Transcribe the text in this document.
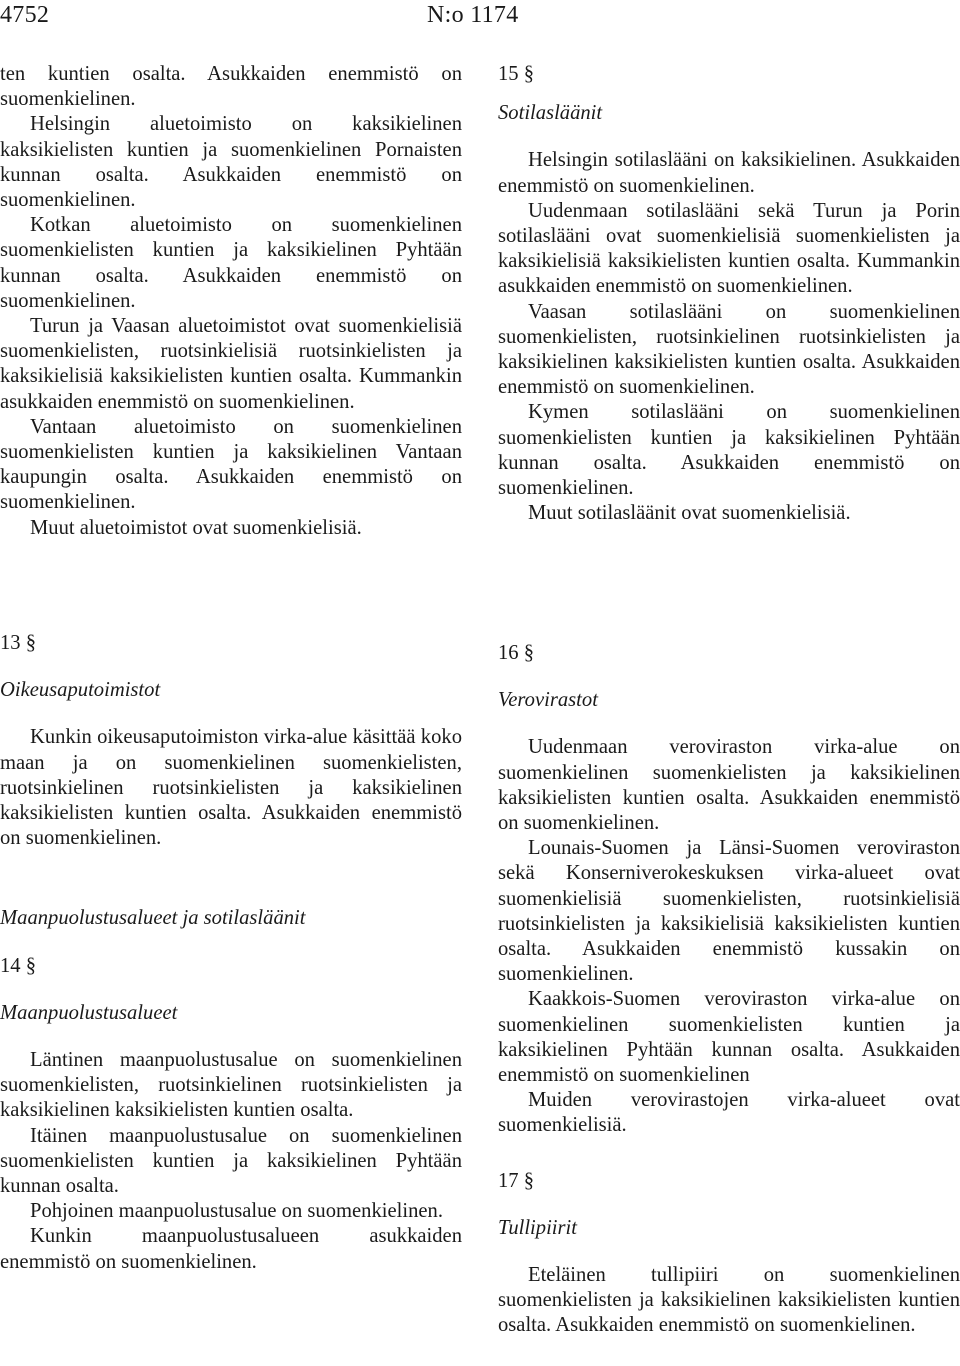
4752	N:o 1174

ten kuntien osalta. Asukkaiden enemmistö on suomenkielinen.

Helsingin aluetoimisto on kaksikielinen kaksikielisten kuntien ja suomenkielinen Pornaisten kunnan osalta. Asukkaiden enemmistö on suomenkielinen.

Kotkan aluetoimisto on suomenkielinen suomenkielisten kuntien ja kaksikielinen Pyhtään kunnan osalta. Asukkaiden enemmistö on suomenkielinen.

Turun ja Vaasan aluetoimistot ovat suomenkielisiä suomenkielisten, ruotsinkielisiä ruotsinkielisten ja kaksikielisiä kaksikielisten kuntien osalta. Kummankin asukkaiden enemmistö on suomenkielinen.

Vantaan aluetoimisto on suomenkielinen suomenkielisten kuntien ja kaksikielinen Vantaan kaupungin osalta. Asukkaiden enemmistö on suomenkielinen.

Muut aluetoimistot ovat suomenkielisiä.

15 §

Sotilasläänit

Helsingin sotilaslääni on kaksikielinen. Asukkaiden enemmistö on suomenkielinen.

Uudenmaan sotilaslääni sekä Turun ja Porin sotilaslääni ovat suomenkielisiä suomenkielisten ja kaksikielisiä kaksikielisten kuntien osalta. Kummankin asukkaiden enemmistö on suomenkielinen.

Vaasan sotilaslääni on suomenkielinen suomenkielisten, ruotsinkielinen ruotsinkielisten ja kaksikielinen kaksikielisten kuntien osalta. Asukkaiden enemmistö on suomenkielinen.

Kymen sotilaslääni on suomenkielinen suomenkielisten kuntien ja kaksikielinen Pyhtään kunnan osalta. Asukkaiden enemmistö on suomenkielinen.

Muut sotilasläänit ovat suomenkielisiä.

13 §

Oikeusaputoimistot

Kunkin oikeusaputoimiston virka-alue käsittää koko maan ja on suomenkielinen suomenkielisten, ruotsinkielinen ruotsinkielisten ja kaksikielinen kaksikielisten kuntien osalta. Asukkaiden enemmistö on suomenkielinen.

Maanpuolustusalueet ja sotilasläänit

14 §

Maanpuolustusalueet

Läntinen maanpuolustusalue on suomenkielinen suomenkielisten, ruotsinkielinen ruotsinkielisten ja kaksikielinen kaksikielisten kuntien osalta.

Itäinen maanpuolustusalue on suomenkielinen suomenkielisten kuntien ja kaksikielinen Pyhtään kunnan osalta.

Pohjoinen maanpuolustusalue on suomenkielinen.

Kunkin maanpuolustusalueen asukkaiden enemmistö on suomenkielinen.

16 §

Verovirastot

Uudenmaan veroviraston virka-alue on suomenkielinen suomenkielisten ja kaksikielinen kaksikielisten kuntien osalta. Asukkaiden enemmistö on suomenkielinen.

Lounais-Suomen ja Länsi-Suomen veroviraston sekä Konserniverokeskuksen virka-alueet ovat suomenkielisiä suomenkielisten, ruotsinkielisiä ruotsinkielisten ja kaksikielisiä kaksikielisten kuntien osalta. Asukkaiden enemmistö kussakin on suomenkielinen.

Kaakkois-Suomen veroviraston virka-alue on suomenkielinen suomenkielisten kuntien ja kaksikielinen Pyhtään kunnan osalta. Asukkaiden enemmistö on suomenkielinen

Muiden verovirastojen virka-alueet ovat suomenkielisiä.

17 §

Tullipiirit

Eteläinen tullipiiri on suomenkielinen suomenkielisten ja kaksikielinen kaksikielisten kuntien osalta. Asukkaiden enemmistö on suomenkielinen.
